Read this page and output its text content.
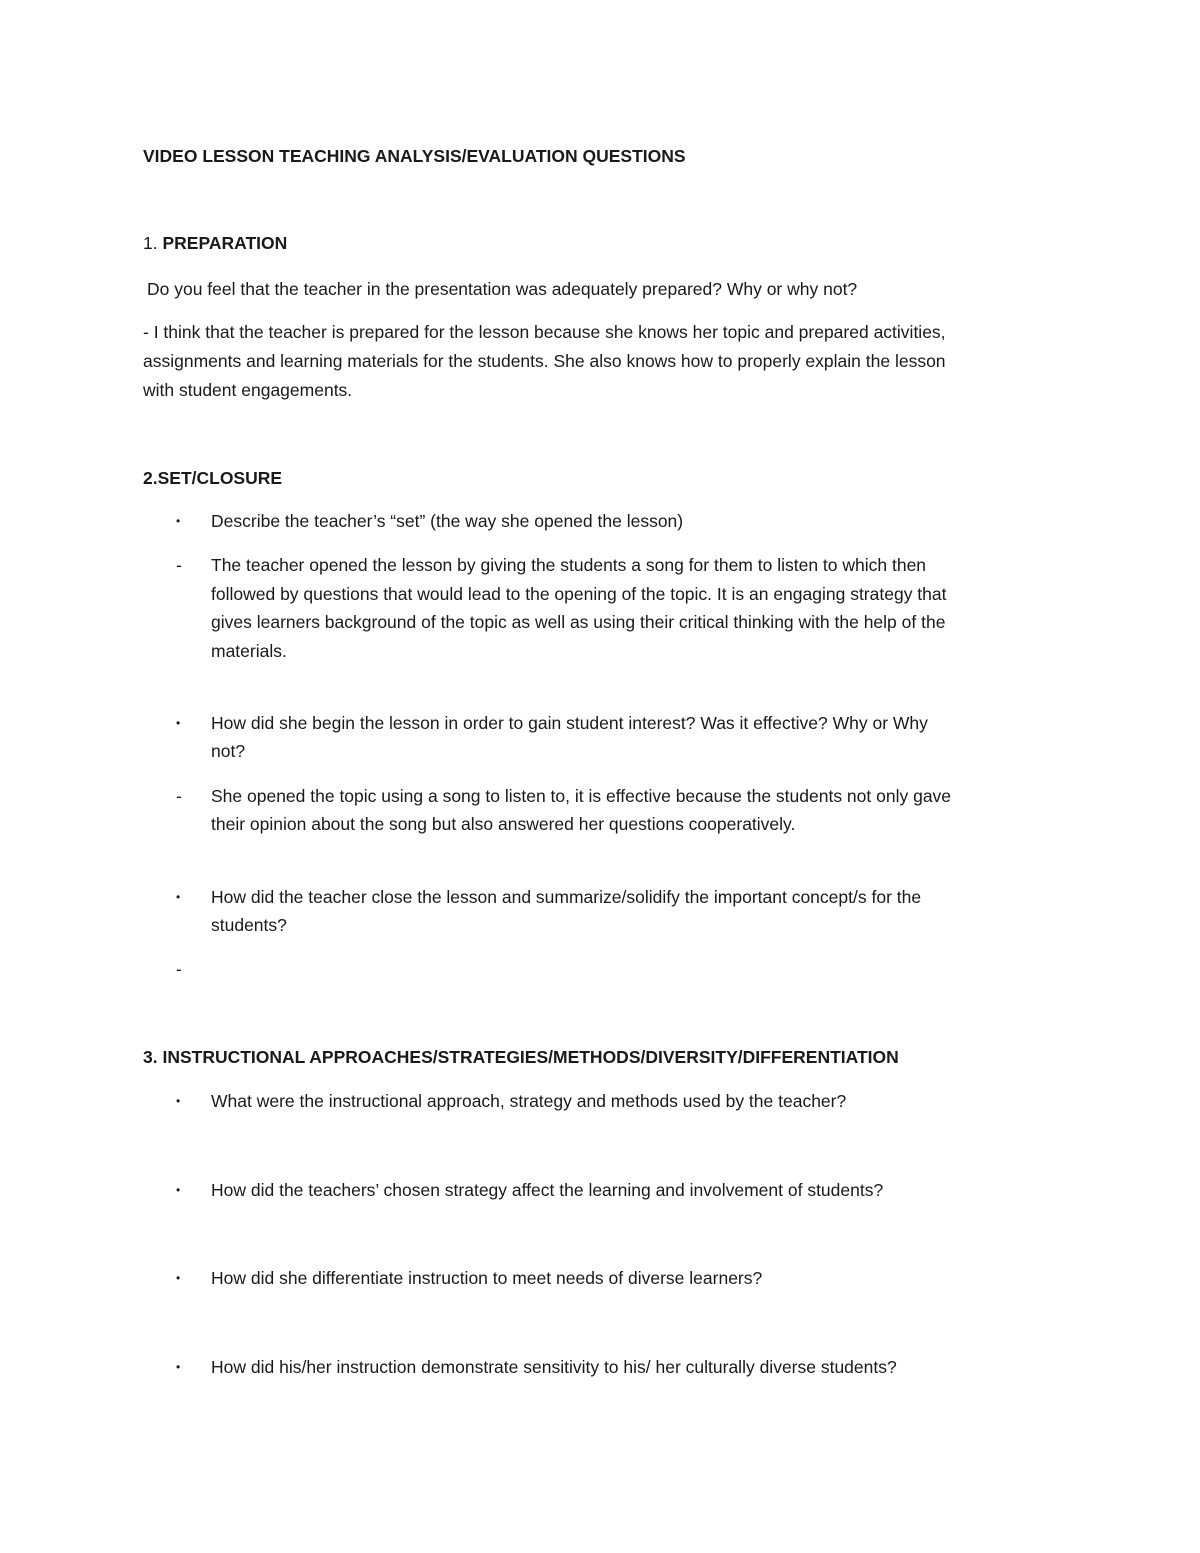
VIDEO LESSON TEACHING ANALYSIS/EVALUATION QUESTIONS

1. PREPARATION

Do you feel that the teacher in the presentation was adequately prepared? Why or why not?

- I think that the teacher is prepared for the lesson because she knows her topic and prepared activities,

assignments and learning materials for the students. She also knows how to properly explain the lesson

with student engagements.

2.SET/CLOSURE

• Describe the teacher’s “set” (the way she opened the lesson)

- The teacher opened the lesson by giving the students a song for them to listen to which then

followed by questions that would lead to the opening of the topic. It is an engaging strategy that

gives learners background of the topic as well as using their critical thinking with the help of the

materials.

• How did she begin the lesson in order to gain student interest? Was it effective? Why or Why

not?

- She opened the topic using a song to listen to, it is effective because the students not only gave

their opinion about the song but also answered her questions cooperatively.

• How did the teacher close the lesson and summarize/solidify the important concept/s for the

students?

-

3. INSTRUCTIONAL APPROACHES/STRATEGIES/METHODS/DIVERSITY/DIFFERENTIATION

• What were the instructional approach, strategy and methods used by the teacher?

• How did the teachers’ chosen strategy affect the learning and involvement of students?

• How did she differentiate instruction to meet needs of diverse learners?

• How did his/her instruction demonstrate sensitivity to his/ her culturally diverse students?
